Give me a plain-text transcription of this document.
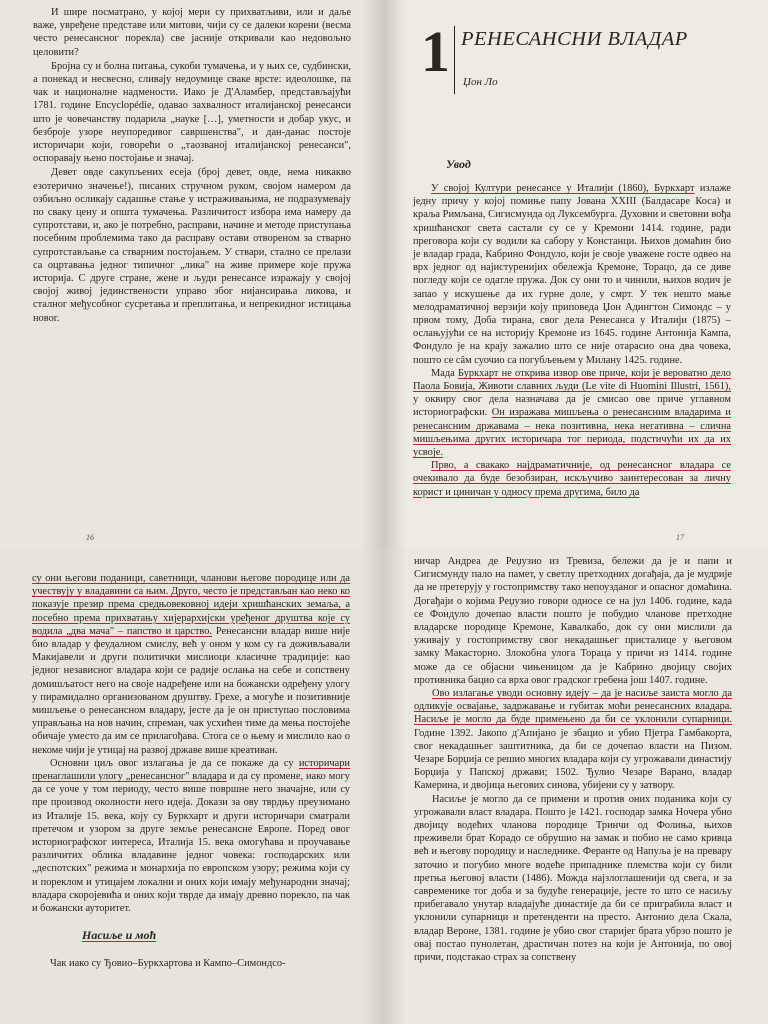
И шире посматрано, у којој мери су прихватљиви, или и даље важе, увређене представе или митови, чији су се далеки корени (весма често ренесансног порекла) све јасније откривали као недовољно целовити?

Бројна су и болна питања, сукоби тумачења, и у њих се, судбински, а понекад и несвесно, сливају недоумице сваке врсте: идеолошке, па чак и националне надмености. Иако је Д'Аламбер, представљајући 1781. године Encyclopédie, одавао захвалност италијанској ренесанси што је човечанству подарила „науке […], уметности и добар укус, и безброје узоре неупоредивог савршенства", и дан-данас постоје историчари који, говорећи о „таозваној италијанској ренесанси", оспоравају њено постојање и значај.

Девет овде сакупљених есеја (број девет, овде, нема никакво езотерично значење!), писаних стручном руком, својом намером да озбиљно осликају садашње стање у истраживањима, не подразумевају по сваку цену и општа тумачења. Различитост избора има намеру да супротстави, и, ако је потребно, расправи, начине и методе приступања посебним проблемима тако да расправу остави отвореном за стварно супротстављање са стварним постојањем. У ствари, стално се прелази са оцртавања једног типичног „лика" на живе примере које пружа историја. С друге стране, жене и људи ренесансе изражају у својој својој живој јединствености управо због нијансирања ликова, и сталног међусобног сусретања и преплитања, и непрекидног истицања новог.

16
1 РЕНЕСАНСНИ ВЛАДАР
Џон Ло
Увод

У својој Култури ренесансе у Италији (1860), Буркхарт излаже једну причу у којој помиње папу Јована XXIII (Балдасаре Коса) и краља Римљана, Сигисмунда од Луксембурга. Духовни и световни вођа хришћанског света састали су се у Кремони 1414. године, ради преговора који су водили ка сабору у Констанци. Њихов домаћин био је владар града, Кабрино Фондуло, који је своје уважене госте одвео на врх једног од најистуренијих обележја Кремоне, Торацо, да се диве погледу који се одатле пружа. Док су они то и чинили, њихов водич је запао у искушење да их гурне доле, у смрт. У тек нешто мање мелодраматичној верзији коју приповеда Џон Адингтон Симондс – у првом тому, Доба тирана, свог дела Ренесанса у Италији (1875) – ослањујући се на историју Кремоне из 1645. године Антонија Кампа, Фондуло је на крају зажалио што се није отарасио она два човека, пошто се сâм суочио са погубљењем у Милану 1425. године.

Мада Буркхарт не открива извор ове приче, који је вероватно дело Паола Бовија, Животи славних људи (Le vite di Huomini Illustri, 1561), у оквиру свог дела назначава да је смисао ове приче углавном историографски. Он изражава мишљења о ренесансним владарима и ренесансним државама – нека позитивна, нека негативна – слична мишљењима других историчара тог периода, подстичући их да их усвоје.

Прво, а свакако најдраматичније, од ренесансног владара се очекивало да буде безобзиран, искључиво заинтересован за личну корист и циничан у односу према другима, било да

17

су они његови поданици, саветници, чланови његове породице или да учествују у владавини са њим. Друго, често је представљан као неко ко показује презир према средњовековној идеји хришћанских земаља, а посебно према прихватању хијерархијски уређеног друштва које су водила „два мача" – папство и царство. Ренесансни владар више није био владар у феудалном смислу, већ у оном у ком су га доживљавали Макијавели и други политички мислиоци класичне традиције: као једног независног владара који се радије ослања на себе и сопствену домишљатост него на своје надређене или на божански одређену улогу у пирамидално организованом друштву. Грехе, а могуће и позитивније мишљење о ренесансном владару, јесте да је он приступао пословима управљања на нов начин, спреман, чак усхићен тиме да мења постојеће обичаје уместо да им се прилагођава. Стога се о њему и мислило као о некоме чији је утицај на развој државе више креативан.

Основни циљ овог излагања је да се покаже да су историчари пренаглашили улогу „ренесансног" владара и да су промене, иако могу да се уоче у том периоду, често више површне него значајне, или су пре производ околности него идеја. Докази за ову тврдњу преузимано из Италије 15. века, коју су Буркхарт и други историчари сматрали претечом и узором за друге земље ренесансне Европе. Поред овог историографског интереса, Италија 15. века омогућава и проучавање различитих облика владавине једног човека: господарских или „деспотских" режима и монархија по европском узору; режима који су и пореклом и утицајем локални и оних који имају међународни значај; владара скоројевића и оних који тврде да имају древно порекло, па чак и божански ауторитет.

Насиље и моћ

Чак иако су Ђовио–Буркхартова и Кампо–Симондсо-

ничар Андреа де Реџузио из Тревиза, бележи да је и папи и Сигисмунду пало на памет, у светлу претходних догађаја, да је мудрије да не претерују у гостопримству тако непоузданог и опасног домаћина. Догађаји о којима Реџузио говори односе се на јул 1406. године, када се Фондуло дочепао власти пошто је побудио чланове претходне владарске породице Кремоне, Кавалкабо, док су они мислили да уживају у гостопримству свог некадашњег присталице у његовом замку Макасторно. Злокобна улога Тораца у причи из 1414. године може да се објасни чињеницом да је Кабрино двојицу својих противника бацио са врха овог градског гребена још 1407. године.

Ово излагање уводи основну идеју – да је насиље заиста могло да одликује освајање, задржавање и губитак моћи ренесансних владара. Насиље је могло да буде примењено да би се уклонили супарници. Године 1392. Јакопо д'Апијано је збацио и убио Пјетра Гамбакорта, свог некадашњег заштитника, да би се дочепао власти на Пизом. Чезаре Борџија се решио многих владара који су угрожавали династију Борџија у Папској држави; 1502. Ђулио Чезаре Варано, владар Камерина, и двојица његових синова, убијени су у затвору.

Насиље је могло да се примени и против оних поданика који су угрожавали власт владара. Пошто је 1421. господар замка Ночера убио двојицу водећих чланова породице Тринчи од Фолиња, њихов преживели брат Корадо се обрушио на замак и побио не само кривца већ и његову породицу и наследнике. Феранте од Напуља је на превару заточио и погубио многе водеће припаднике племства који су били претња његовој власти (1486). Можда најзлоглашенији од свега, и за савременике тог доба и за будуће генерације, јесте то што се насиљу прибегавало унутар владајуће династије да би се пригрaбила власт и уклонили супарници и претенденти на престо. Антонио дела Скала, владар Вероне, 1381. године је убио свог старијег брата убрзо пошто је овај постао пунолетан, драстичан потез на који је Антонија, по овој причи, подстакао страх за сопствену
